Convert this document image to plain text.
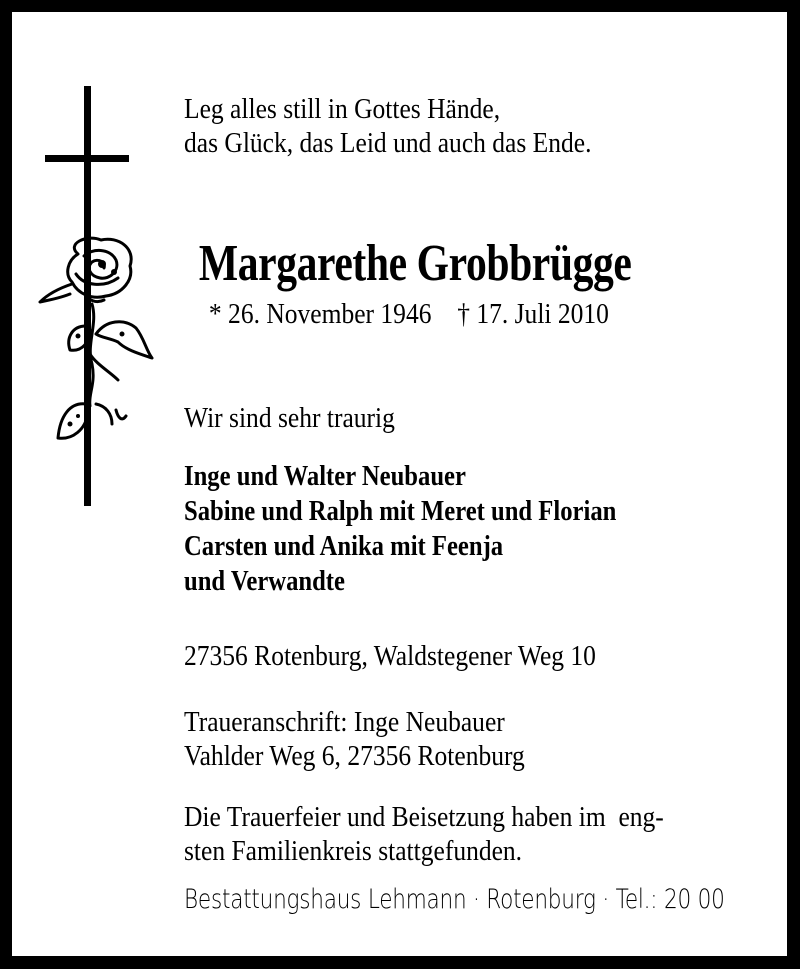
Leg alles still in Gottes Hände,
das Glück, das Leid und auch das Ende.
Margarethe Grobbrügge
* 26. November 1946 † 17. Juli 2010
Wir sind sehr traurig
Inge und Walter Neubauer
Sabine und Ralph mit Meret und Florian
Carsten und Anika mit Feenja
und Verwandte
27356 Rotenburg, Waldstegener Weg 10
Traueranschrift: Inge Neubauer
Vahlder Weg 6, 27356 Rotenburg
Die Trauerfeier und Beisetzung haben im  eng-
sten Familienkreis stattgefunden.
Bestattungshaus Lehmann · Rotenburg · Tel.: 20 00
